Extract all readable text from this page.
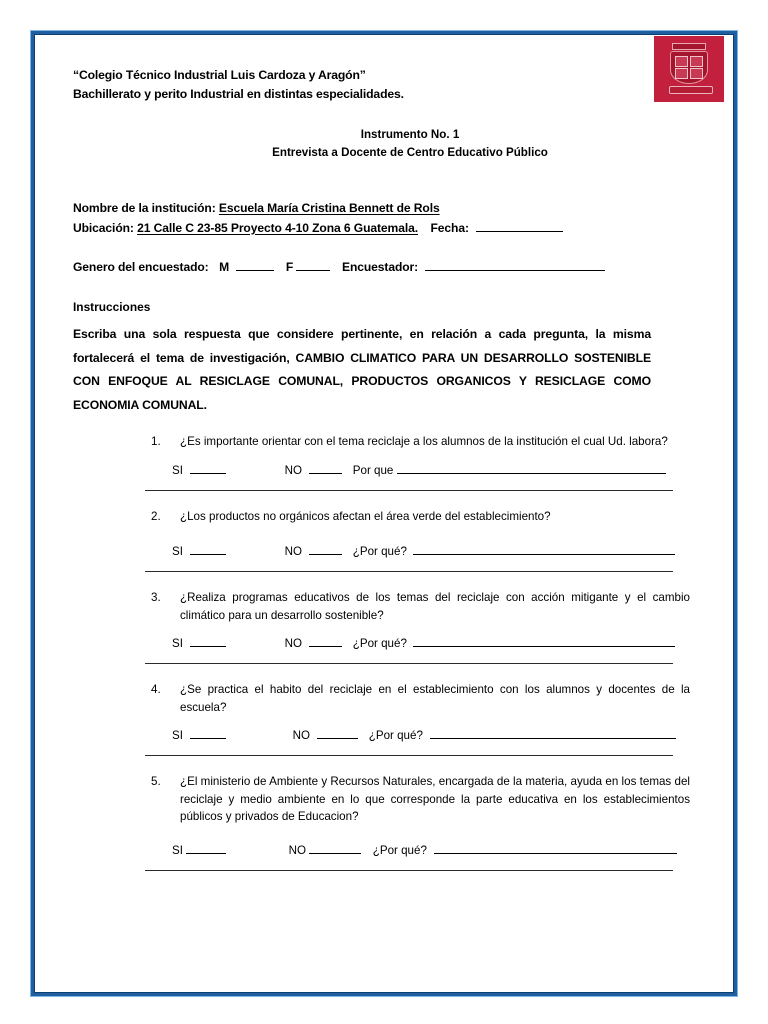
“Colegio Técnico Industrial Luis Cardoza y Aragón”
Bachillerato y perito Industrial en distintas especialidades.
Instrumento No. 1
Entrevista a Docente de Centro Educativo Público
Nombre de la institución: Escuela María Cristina Bennett de Rols
Ubicación: 21 Calle C 23-85 Proyecto 4-10 Zona 6 Guatemala. Fecha:
Genero del encuestado: M	F	Encuestador:
Instrucciones
Escriba una sola respuesta que considere pertinente, en relación a cada pregunta, la misma fortalecerá el tema de investigación, CAMBIO CLIMATICO PARA UN DESARROLLO SOSTENIBLE CON ENFOQUE AL RESICLAGE COMUNAL, PRODUCTOS ORGANICOS Y RESICLAGE COMO ECONOMIA COMUNAL.
1.	¿Es importante orientar con el tema reciclaje a los alumnos de la institución el cual Ud. labora?
SI	NO	Por que
2.	¿Los productos no orgánicos afectan el área verde del establecimiento?
SI	NO	¿Por qué?
3.	¿Realiza programas educativos de los temas del reciclaje con acción mitigante y el cambio climático para un desarrollo sostenible?
SI	NO	¿Por qué?
4.	¿Se practica el habito del reciclaje en el establecimiento con los alumnos y docentes de la escuela?
SI	NO	¿Por qué?
5.	¿El ministerio de Ambiente y Recursos Naturales, encargada de la materia, ayuda en los temas del reciclaje y medio ambiente en lo que corresponde la parte educativa en los establecimientos públicos y privados de Educacion?
SI	NO	¿Por qué?
